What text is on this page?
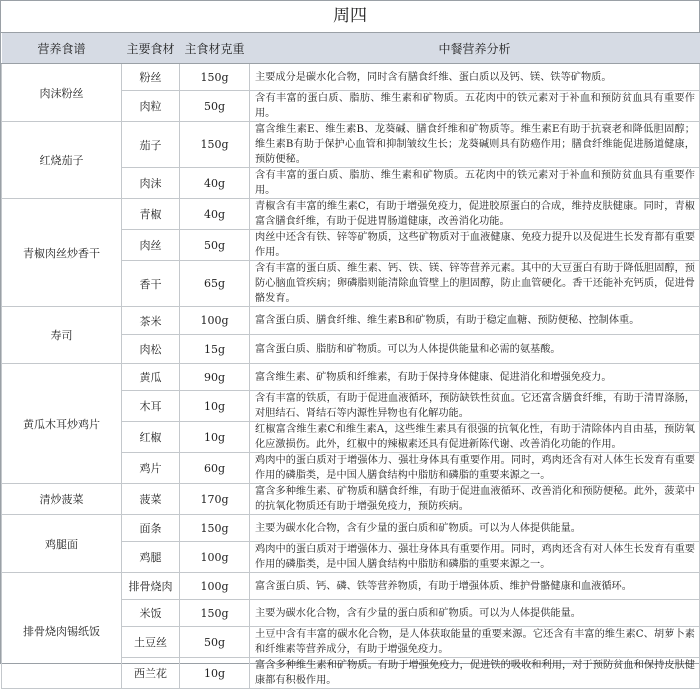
周四
营养食谱	主要食材	主食材克重	中餐营养分析
肉沫粉丝	粉丝	150g	主要成分是碳水化合物，同时含有膳食纤维、蛋白质以及钙、镁、铁等矿物质。
	肉粒	50g	含有丰富的蛋白质、脂肪、维生素和矿物质。五花肉中的铁元素对于补血和预防贫血具有重要作用。
红烧茄子	茄子	150g	富含维生素E、维生素B、龙葵碱、膳食纤维和矿物质等。维生素E有助于抗衰老和降低胆固醇；维生素B有助于保护心血管和抑制皱纹生长；龙葵碱则具有防癌作用；膳食纤维能促进肠道健康，预防便秘。
	肉沫	40g	含有丰富的蛋白质、脂肪、维生素和矿物质。五花肉中的铁元素对于补血和预防贫血具有重要作用。
青椒肉丝炒香干	青椒	40g	青椒含有丰富的维生素C，有助于增强免疫力，促进胶原蛋白的合成，维持皮肤健康。同时，青椒富含膳食纤维，有助于促进胃肠道健康，改善消化功能。
	肉丝	50g	肉丝中还含有铁、锌等矿物质，这些矿物质对于血液健康、免疫力提升以及促进生长发育都有重要作用。
	香干	65g	含有丰富的蛋白质、维生素、钙、铁、镁、锌等营养元素。其中的大豆蛋白有助于降低胆固醇，预防心脑血管疾病；卵磷脂则能清除血管壁上的胆固醇，防止血管硬化。香干还能补充钙质，促进骨骼发育。
寿司	茶米	100g	富含蛋白质、膳食纤维、维生素B和矿物质，有助于稳定血糖、预防便秘、控制体重。
	肉松	15g	富含蛋白质、脂肪和矿物质。可以为人体提供能量和必需的氨基酸。
黄瓜木耳炒鸡片	黄瓜	90g	富含维生素、矿物质和纤维素，有助于保持身体健康、促进消化和增强免疫力。
	木耳	10g	含有丰富的铁质，有助于促进血液循环，预防缺铁性贫血。它还富含膳食纤维，有助于清胃涤肠，对胆结石、肾结石等内源性异物也有化解功能。
	红椒	10g	红椒富含维生素C和维生素A，这些维生素具有很强的抗氧化性，有助于清除体内自由基，预防氧化应激损伤。此外，红椒中的辣椒素还具有促进新陈代谢、改善消化功能的作用。
	鸡片	60g	鸡肉中的蛋白质对于增强体力、强壮身体具有重要作用。同时，鸡肉还含有对人体生长发育有重要作用的磷脂类，是中国人膳食结构中脂肪和磷脂的重要来源之一。
清炒菠菜	菠菜	170g	富含多种维生素、矿物质和膳食纤维，有助于促进血液循环、改善消化和预防便秘。此外，菠菜中的抗氧化物质还有助于增强免疫力，预防疾病。
鸡腿面	面条	150g	主要为碳水化合物，含有少量的蛋白质和矿物质。可以为人体提供能量。
	鸡腿	100g	鸡肉中的蛋白质对于增强体力、强壮身体具有重要作用。同时，鸡肉还含有对人体生长发育有重要作用的磷脂类，是中国人膳食结构中脂肪和磷脂的重要来源之一。
排骨烧肉锡纸饭	排骨烧肉	100g	富含蛋白质、钙、磷、铁等营养物质，有助于增强体质、维护骨骼健康和血液循环。
	米饭	150g	主要为碳水化合物，含有少量的蛋白质和矿物质。可以为人体提供能量。
	土豆丝	50g	土豆中含有丰富的碳水化合物，是人体获取能量的重要来源。它还含有丰富的维生素C、胡萝卜素和纤维素等营养成分，有助于增强免疫力。
	西兰花	10g	富含多种维生素和矿物质。有助于增强免疫力，促进铁的吸收和利用，对于预防贫血和保持皮肤健康都有积极作用。
